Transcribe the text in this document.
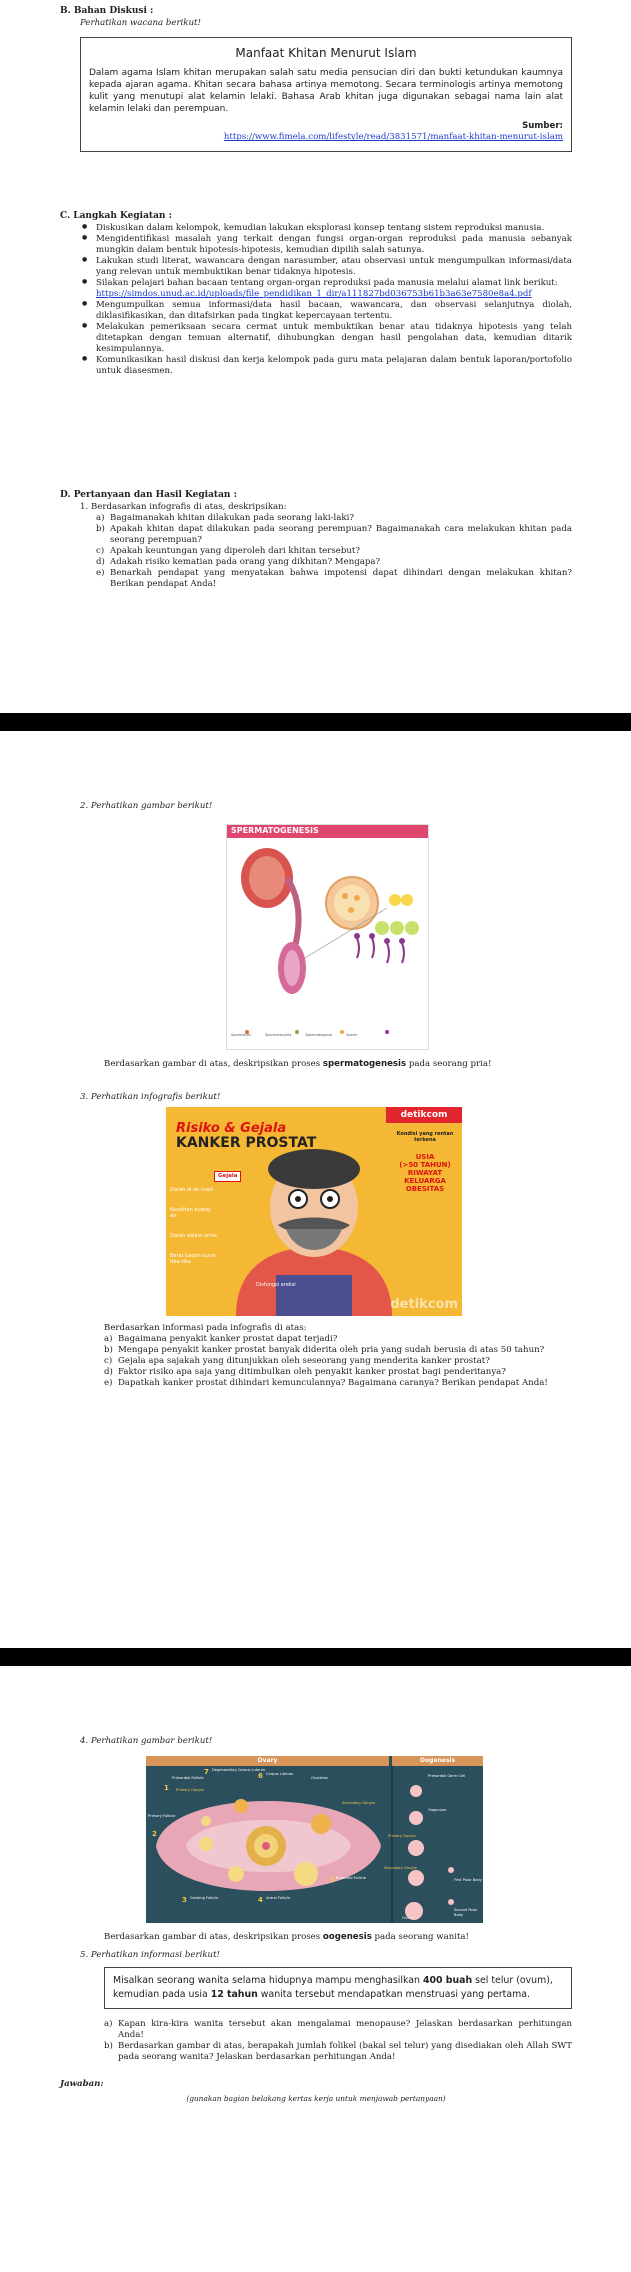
B. Bahan Diskusi :
Perhatikan wacana berikut!
Manfaat Khitan Menurut Islam
Dalam agama Islam khitan merupakan salah satu media pensucian diri dan bukti ketundukan kaumnya kepada ajaran agama. Khitan secara bahasa artinya memotong. Secara terminologis artinya memotong kulit yang menutupi alat kelamin lelaki. Bahasa Arab khitan juga digunakan sebagai nama lain alat kelamin lelaki dan perempuan.
Sumber:
https://www.fimela.com/lifestyle/read/3831571/manfaat-khitan-menurut-islam
C. Langkah Kegiatan :
● Diskusikan dalam kelompok, kemudian lakukan eksplorasi konsep tentang sistem reproduksi manusia.
● Mengidentifikasi masalah yang terkait dengan fungsi organ-organ reproduksi pada manusia sebanyak mungkin dalam bentuk hipotesis-hipotesis, kemudian dipilih salah satunya.
● Lakukan studi literat, wawancara dengan narasumber, atau observasi untuk mengumpulkan informasi/data yang relevan untuk membuktikan benar tidaknya hipotesis.
● Silakan pelajari bahan bacaan tentang organ-organ reproduksi pada manusia melalui alamat link berikut:
https://simdos.unud.ac.id/uploads/file_pendidikan_1_dir/a111827bd036753b61b3a63e7580e8a4.pdf
● Mengumpulkan semua informasi/data hasil bacaan, wawancara, dan observasi selanjutnya diolah, diklasifikasikan, dan ditafsirkan pada tingkat kepercayaan tertentu.
● Melakukan pemeriksaan secara cermat untuk membuktikan benar atau tidaknya hipotesis yang telah ditetapkan dengan temuan alternatif, dihubungkan dengan hasil pengolahan data, kemudian ditarik kesimpulannya.
● Komunikasikan hasil diskusi dan kerja kelompok pada guru mata pelajaran dalam bentuk laporan/portofolio untuk diasesmen.
D. Pertanyaan dan Hasil Kegiatan :
1. Berdasarkan infografis di atas, deskripsikan:
a) Bagaimanakah khitan dilakukan pada seorang laki-laki?
b) Apakah khitan dapat dilakukan pada seorang perempuan? Bagaimanakah cara melakukan khitan pada seorang perempuan?
c) Apakah keuntungan yang diperoleh dari khitan tersebut?
d) Adakah risiko kematian pada orang yang dikhitan? Mengapa?
e) Benarkah pendapat yang menyatakan bahwa impotensi dapat dihindari dengan melakukan khitan? Berikan pendapat Anda!
2. Perhatikan gambar berikut!
SPERMATOGENESIS
Spermatids	Spermatocytes	Spermatogonia	Sperm
Berdasarkan gambar di atas, deskripsikan proses spermatogenesis pada seorang pria!
3. Perhatikan infografis berikut!
detikcom
Risiko & Gejala
KANKER PROSTAT
Gejala
Darah di air mani
Kesulitan buang air
Darah dalam urine
Berat badan turun tiba-tiba
Disfungsi ereksi
Kondisi yang rentan terkena
USIA
(>50 TAHUN)
RIWAYAT
KELUARGA
OBESITAS
detikcom
Berdasarkan informasi pada infografis di atas:
a) Bagaimana penyakit kanker prostat dapat terjadi?
b) Mengapa penyakit kanker prostat banyak diderita oleh pria yang sudah berusia di atas 50 tahun?
c) Gejala apa sajakah yang ditunjukkan oleh seseorang yang menderita kanker prostat?
d) Faktor risiko apa saja yang ditimbulkan oleh penyakit kanker prostat bagi penderitanya?
e) Dapatkah kanker prostat dihindari kemunculannya? Bagaimana caranya? Berikan pendapat Anda!
4. Perhatikan gambar berikut!
Ovary	Oogenesis
Primordial Follicle
Primary Follicle
Growing Follicle	Antral Follicle
Ruptured Follicle
Corpus Luteum
Degenerating Corpus Luteum
Ovulation
Secondary Oocyte
Primary Oocyte
1
2
3	4
5
6
7	Primordial Germ Cell
Oogonium
Primary Oocyte
First Polar Body
Secondary Oocyte
Second Polar Body
Ovum
Berdasarkan gambar di atas, deskripsikan proses oogenesis pada seorang wanita!
5. Perhatikan informasi berikut!
Misalkan seorang wanita selama hidupnya mampu menghasilkan 400 buah sel telur (ovum), kemudian pada usia 12 tahun wanita tersebut mendapatkan menstruasi yang pertama.
a) Kapan kira-kira wanita tersebut akan mengalamai menopause? Jelaskan berdasarkan perhitungan Anda!
b) Berdasarkan gambar di atas, berapakah jumlah folikel (bakal sel telur) yang disediakan oleh Allah SWT pada seorang wanita? Jelaskan berdasarkan perhitungan Anda!
Jawaban:
(gunakan bagian belakang kertas kerja untuk menjawab pertanyaan)
